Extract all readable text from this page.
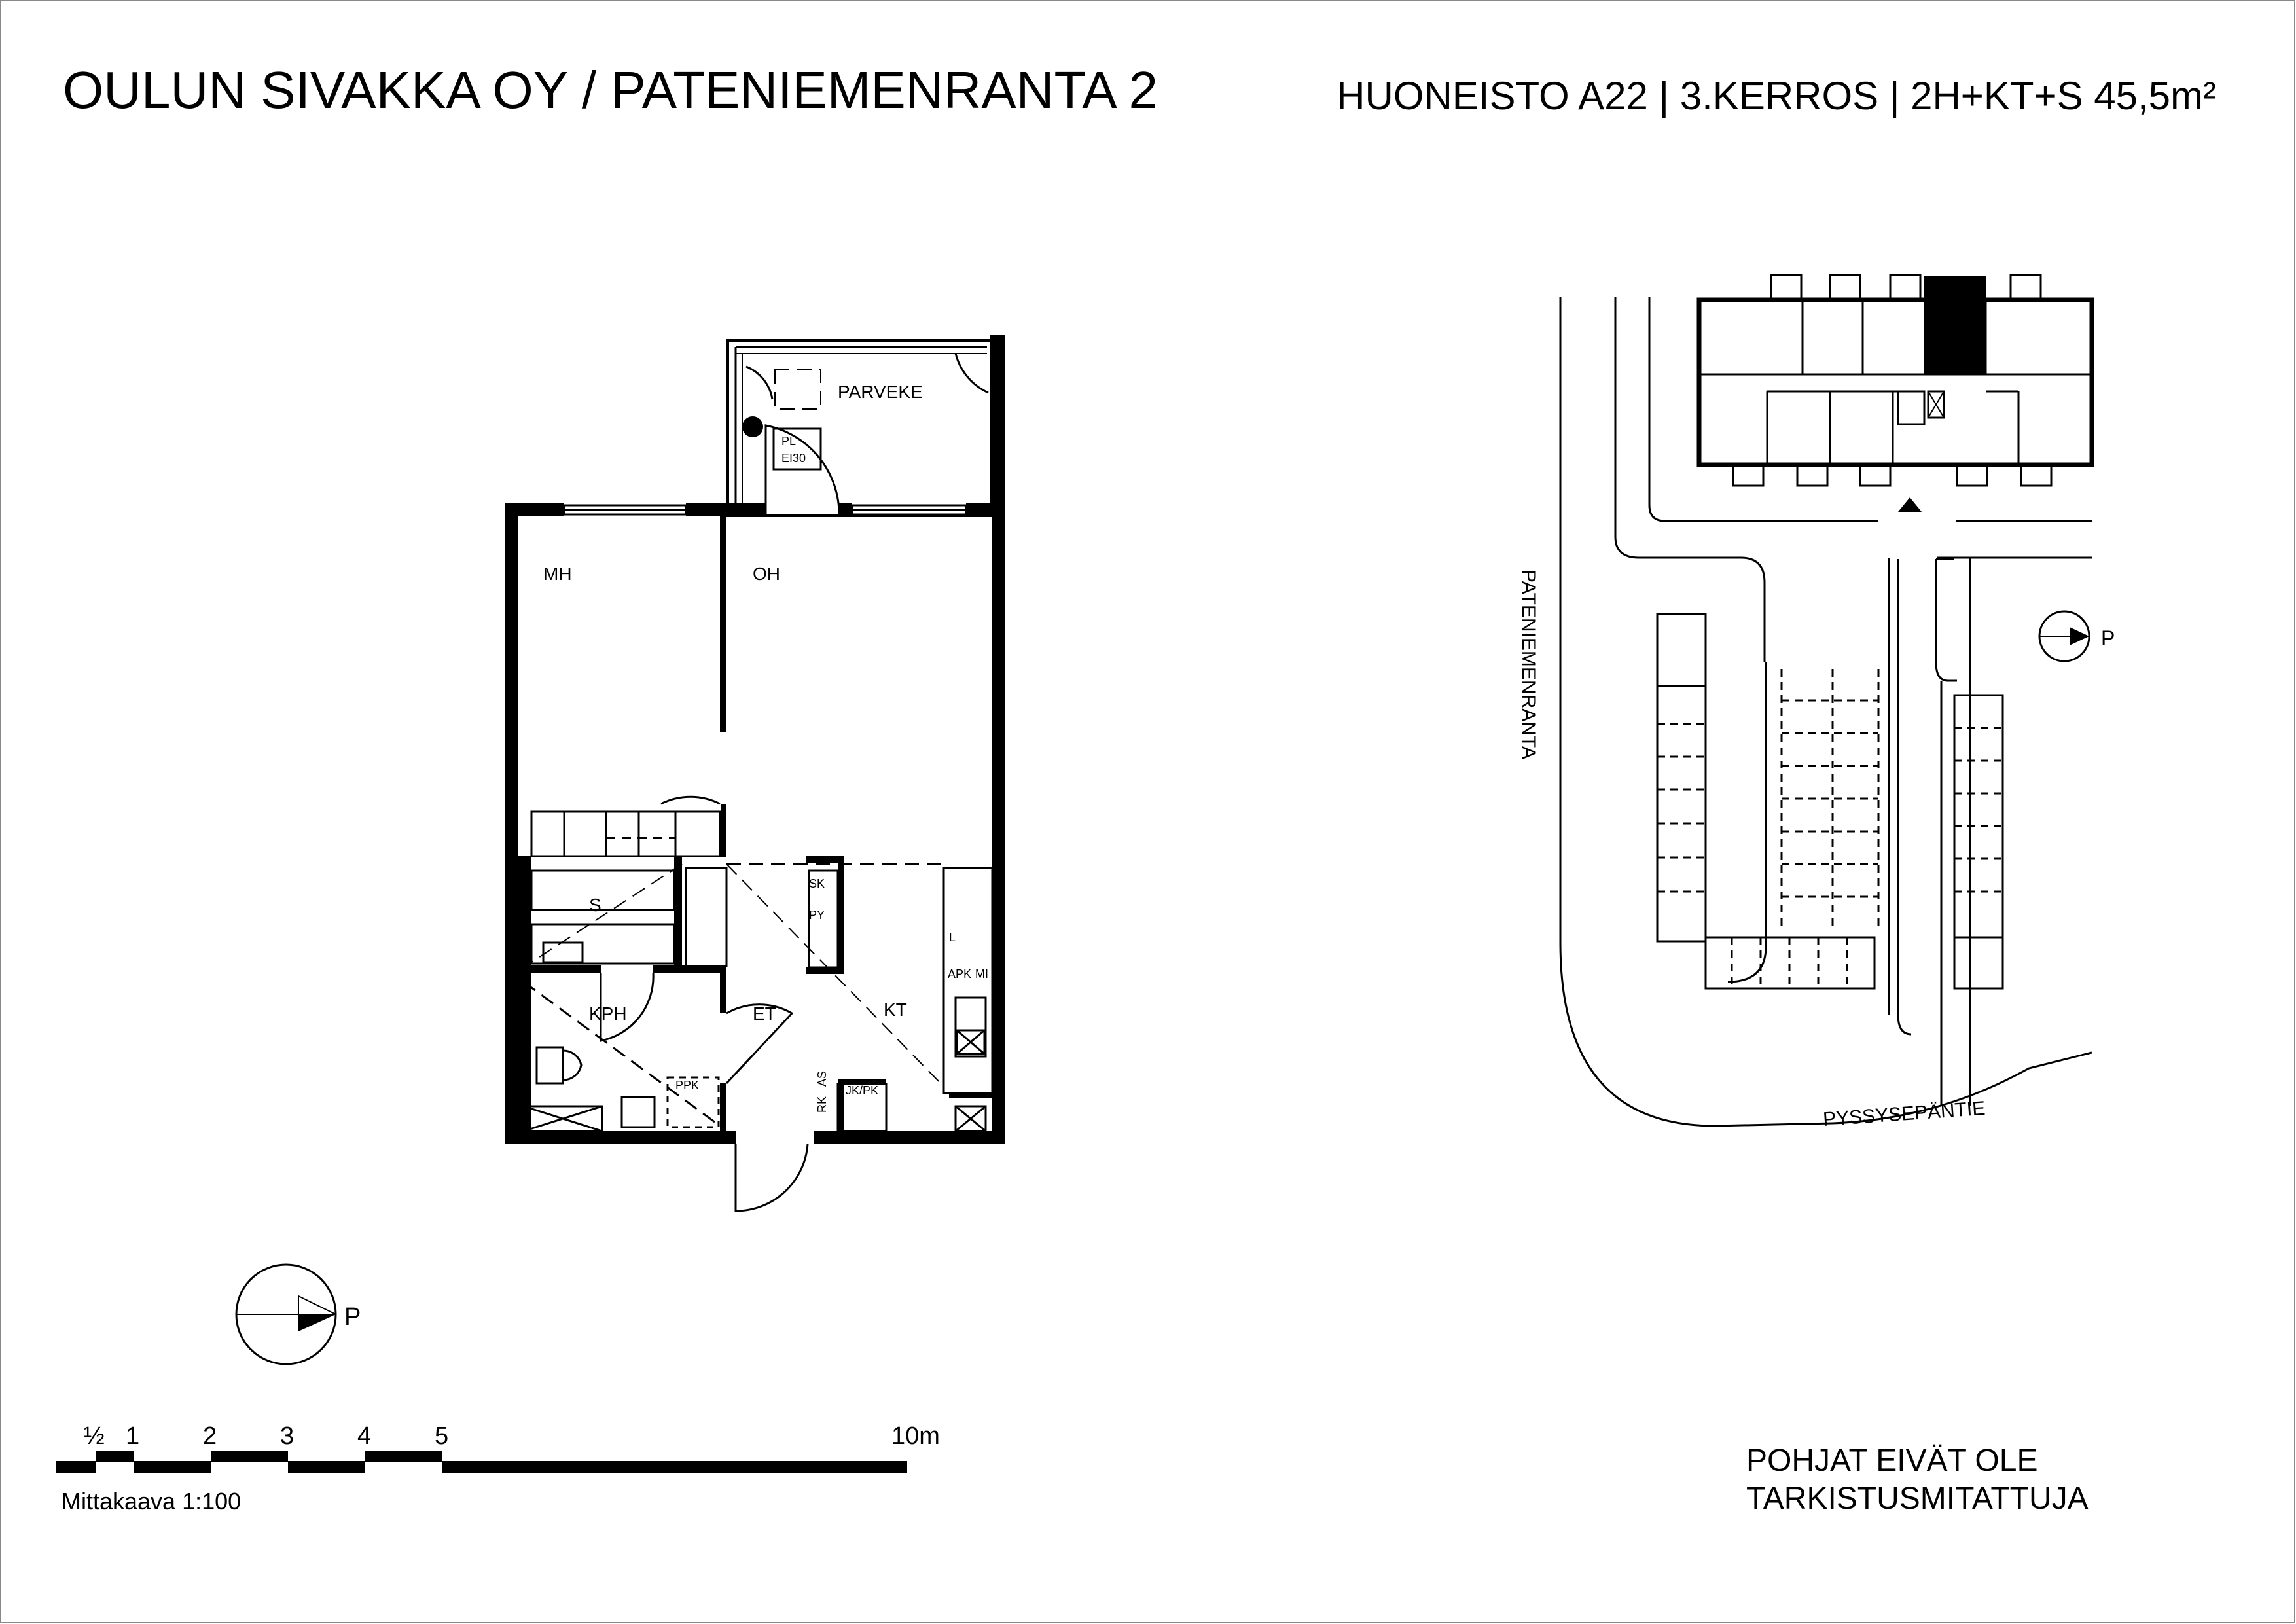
OULUN SIVAKKA OY / PATENIEMENRANTA 2	HUONEISTO A22 | 3.KERROS | 2H+KT+S 45,5m²
PARVEKE
MH	OH
S
KPH	ET	KT
PL
EI30
SK
PY
PPK	JK/PK
L
APK MI
RK
AS
P
PATENIEMENRANTA
PYSSYSEPÄNTIE
P
½ 1	2	3	4	5	10m
Mittakaava 1:100
POHJAT EIVÄT OLE
TARKISTUSMITATTUJA
